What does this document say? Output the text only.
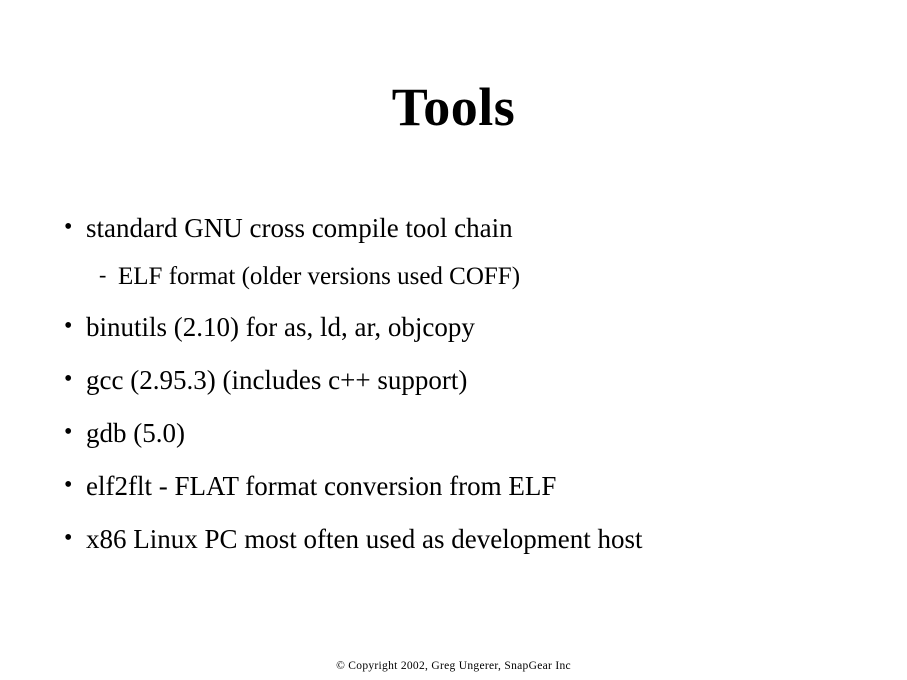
Tools
• standard GNU cross compile tool chain
- ELF format (older versions used COFF)
• binutils (2.10) for as, ld, ar, objcopy
• gcc (2.95.3) (includes c++ support)
• gdb (5.0)
• elf2flt - FLAT format conversion from ELF
• x86 Linux PC most often used as development host
© Copyright 2002, Greg Ungerer, SnapGear Inc
